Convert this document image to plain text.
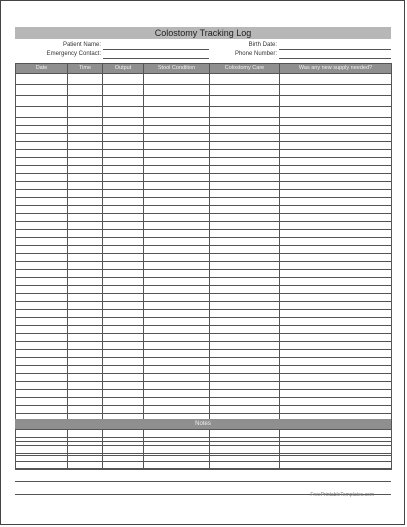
Colostomy Tracking Log
Patient Name:	Birth Date:
Emergency Contact:	Phone Number:
Date	Time	Output	Stool Condition	Colostomy Care	Was any new supply needed?

Notes
FreePrintableTemplates.com
